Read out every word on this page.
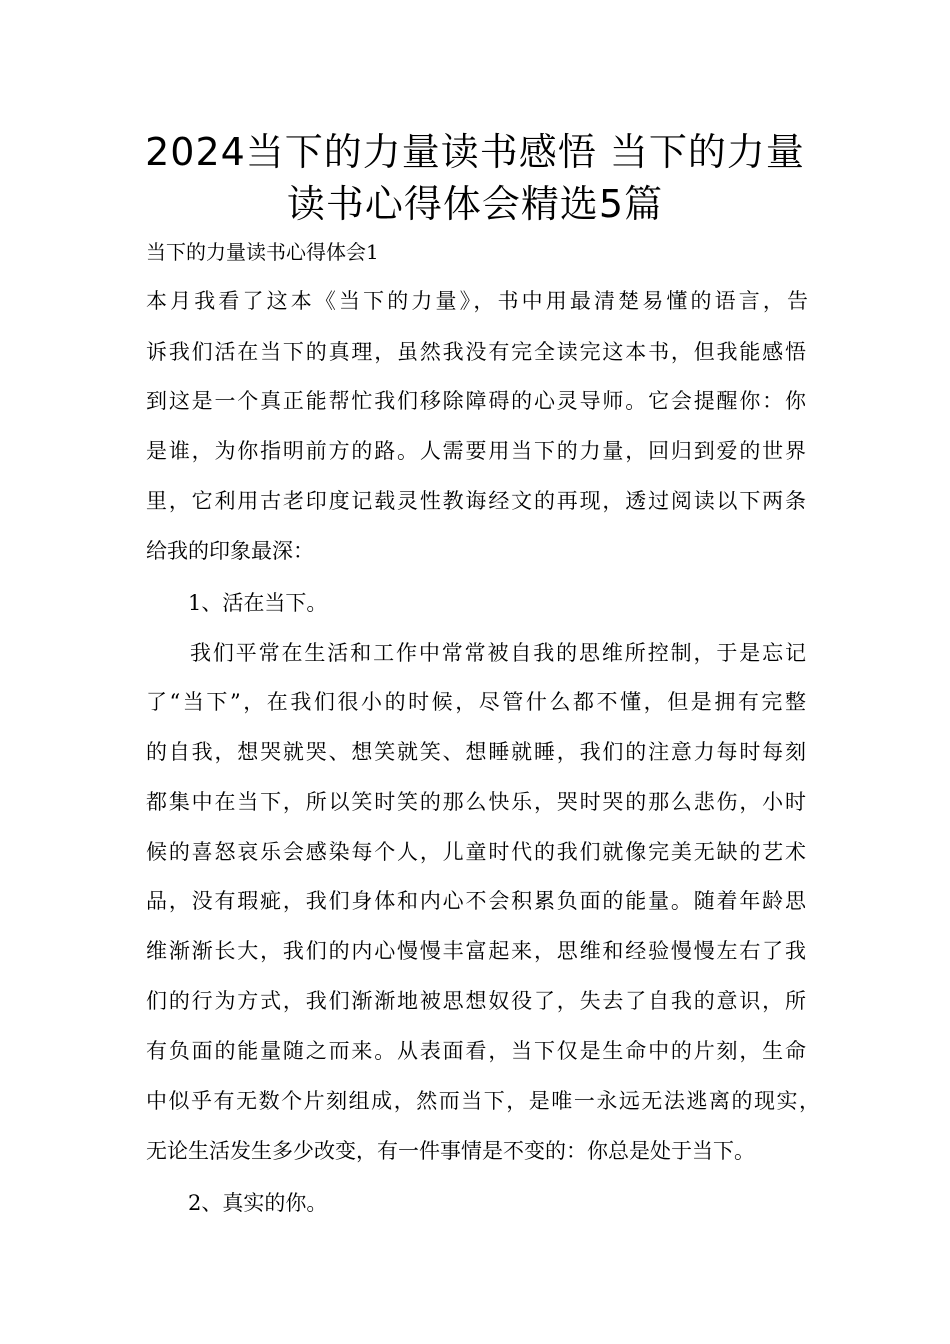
2024当下的力量读书感悟 当下的力量
读书心得体会精选5篇
当下的力量读书心得体会1
本月我看了这本《当下的力量》，书中用最清楚易懂的语言，告
诉我们活在当下的真理，虽然我没有完全读完这本书，但我能感悟
到这是一个真正能帮忙我们移除障碍的心灵导师。它会提醒你：你
是谁，为你指明前方的路。人需要用当下的力量，回归到爱的世界
里，它利用古老印度记载灵性教诲经文的再现，透过阅读以下两条
给我的印象最深：
1、活在当下。
我们平常在生活和工作中常常被自我的思维所控制，于是忘记
了“当下”，在我们很小的时候，尽管什么都不懂，但是拥有完整
的自我，想哭就哭、想笑就笑、想睡就睡，我们的注意力每时每刻
都集中在当下，所以笑时笑的那么快乐，哭时哭的那么悲伤，小时
候的喜怒哀乐会感染每个人，儿童时代的我们就像完美无缺的艺术
品，没有瑕疵，我们身体和内心不会积累负面的能量。随着年龄思
维渐渐长大，我们的内心慢慢丰富起来，思维和经验慢慢左右了我
们的行为方式，我们渐渐地被思想奴役了，失去了自我的意识，所
有负面的能量随之而来。从表面看，当下仅是生命中的片刻，生命
中似乎有无数个片刻组成，然而当下，是唯一永远无法逃离的现实，
无论生活发生多少改变，有一件事情是不变的：你总是处于当下。
2、真实的你。
